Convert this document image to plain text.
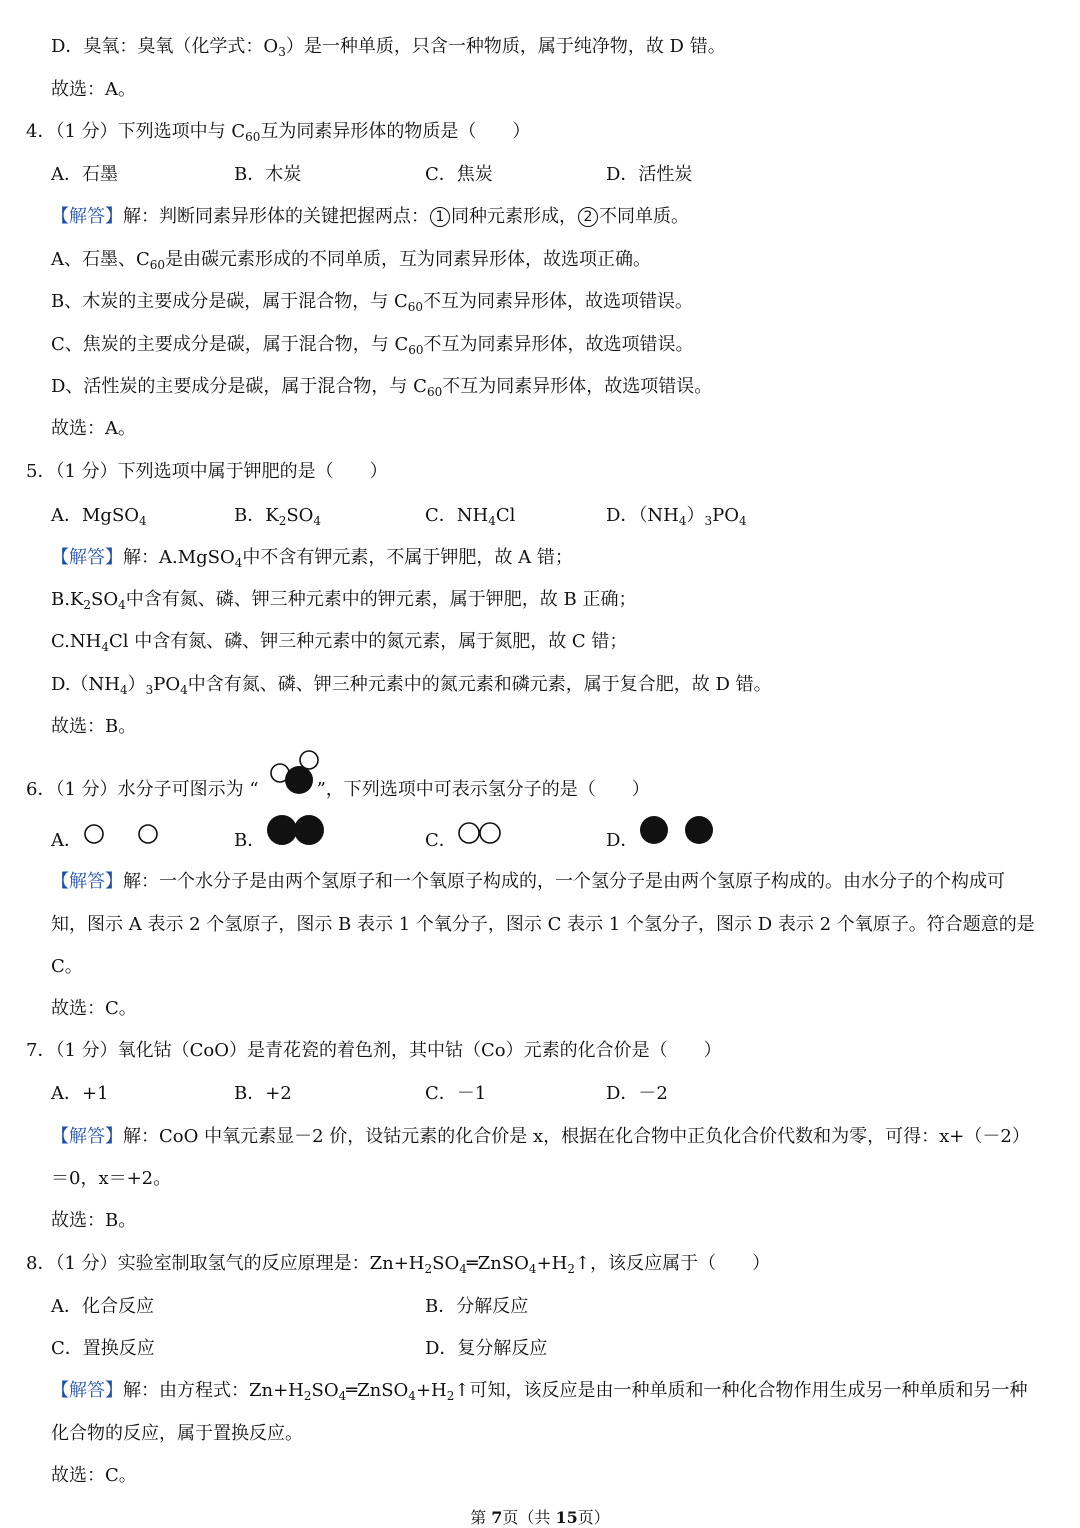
D．臭氧：臭氧（化学式：$O_3$）是一种单质，只含一种物质，属于纯净物，故 D 错。
故选：A。
4．（1 分）下列选项中与 $C_{60}$互为同素异形体的物质是（　　）
A．石墨	B．木炭	C．焦炭	D．活性炭
【解答】解：判断同素异形体的关键把握两点： 1 同种元素形成， 2 不同单质。
A、石墨、$C_{60}$是由碳元素形成的不同单质，互为同素异形体，故选项正确。
B、木炭的主要成分是碳，属于混合物，与 $C_{60}$不互为同素异形体，故选项错误。
C、焦炭的主要成分是碳，属于混合物，与 $C_{60}$不互为同素异形体，故选项错误。
D、活性炭的主要成分是碳，属于混合物，与 $C_{60}$不互为同素异形体，故选项错误。
故选：A。
5．（1 分）下列选项中属于钾肥的是（　　）
A．MgSO$_4$	B．$K_2SO_4$	C．$NH_4Cl$	D．$(NH_4)_3PO_4$
【解答】解：A.MgSO$_4$中不含有钾元素，不属于钾肥，故 A 错；
$B.K_2SO_4$中含有氮、磷、钾三种元素中的钾元素，属于钾肥，故 B 正确；
$C.NH_4Cl$ 中含有氮、磷、钾三种元素中的氮元素，属于氮肥，故 C 错；
$D.(NH_4)_3PO_4$中含有氮、磷、钾三种元素中的氮元素和磷元素，属于复合肥，故 D 错。
故选：B。
6．（1 分）水分子可图示为 “	”，下列选项中可表示氢分子的是（　　）
A．	B．	C．	D．
【解答】解：一个水分子是由两个氢原子和一个氧原子构成的，一个氢分子是由两个氢原子构成的。由水分子的个构成可
知，图示 A 表示 2 个氢原子，图示 B 表示 1 个氧分子，图示 C 表示 1 个氢分子，图示 D 表示 2 个氧原子。符合题意的是
C。
故选：C。
7．（1 分）氧化钴（CoO）是青花瓷的着色剂，其中钴（Co）元素的化合价是（　　）
A．+1	B．+2	C．－1	D．－2
【解答】解：CoO 中氧元素显－2 价，设钴元素的化合价是 x，根据在化合物中正负化合价代数和为零，可得：x+（－2）
＝0，x＝+2。
故选：B。
8．（1 分）实验室制取氢气的反应原理是：$Zn+H_2SO_4═ZnSO_4+H_2↑$，该反应属于（　　）
A．化合反应	B．分解反应
C．置换反应	D．复分解反应
【解答】解：由方程式：$Zn+H_2SO_4═ZnSO_4+H_2↑$可知，该反应是由一种单质和一种化合物作用生成另一种单质和另一种
化合物的反应，属于置换反应。
故选：C。
第 7页（共 15页）
